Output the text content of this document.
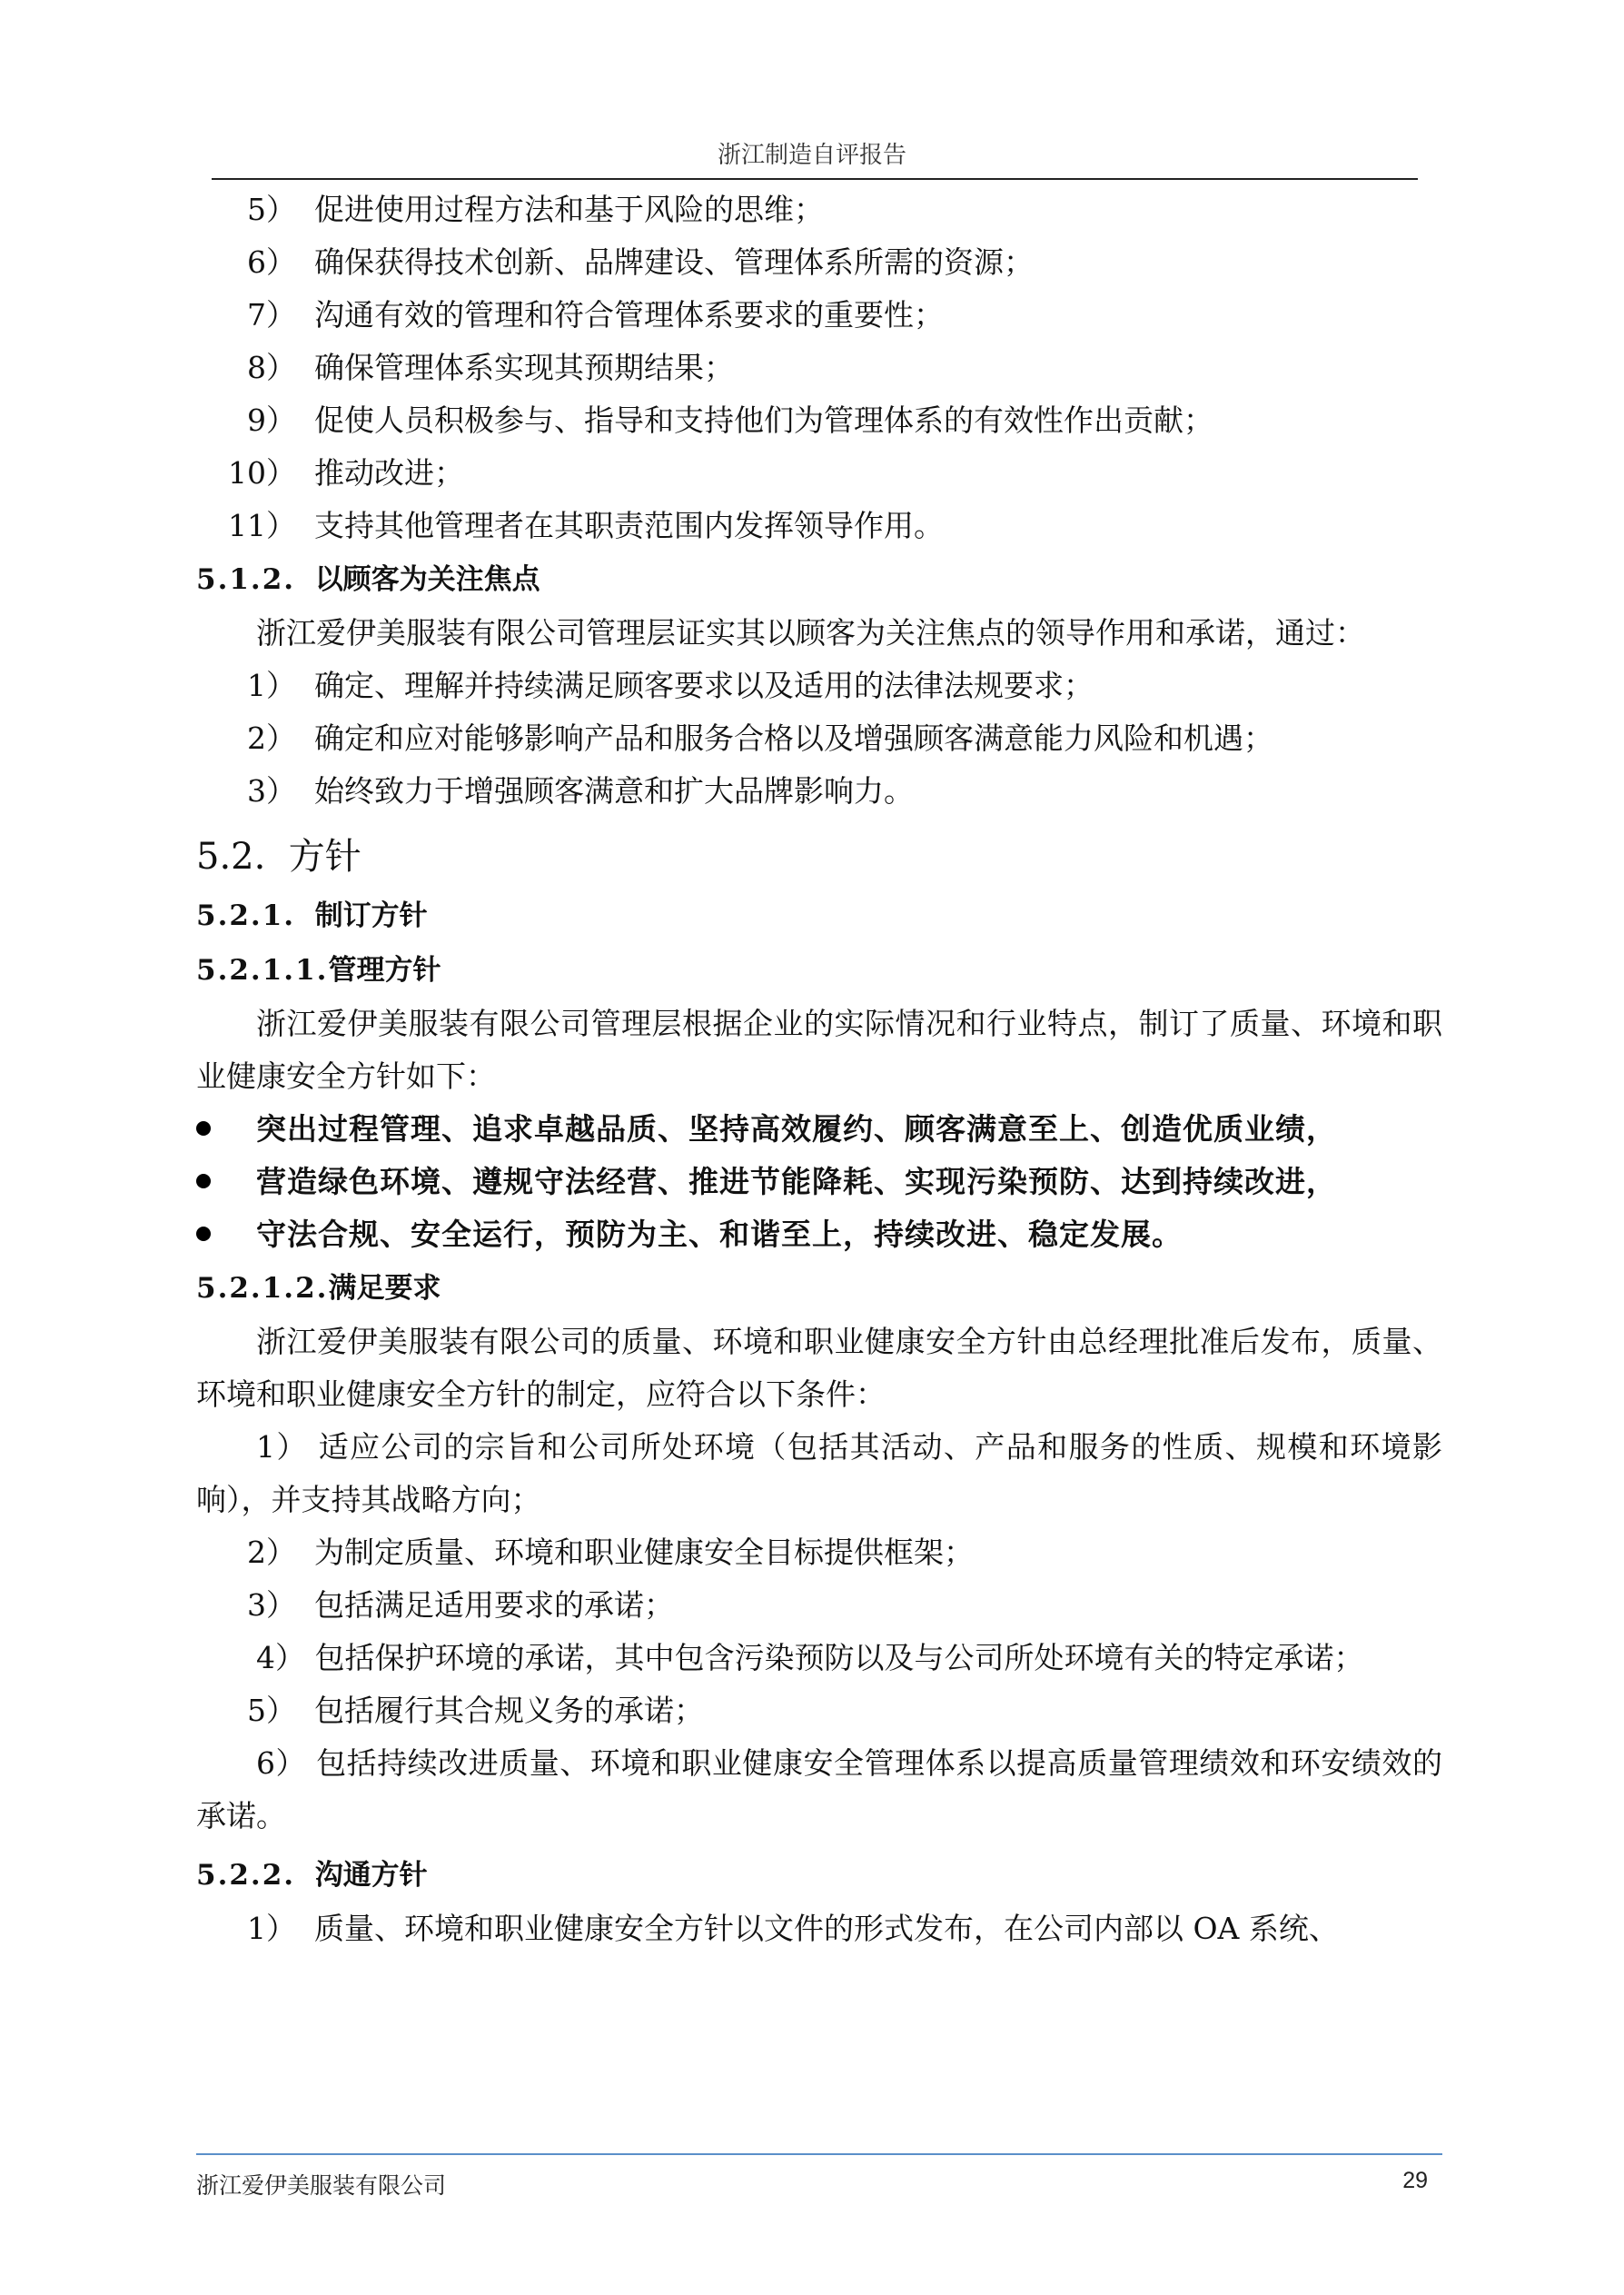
浙江制造自评报告
5） 促进使用过程方法和基于风险的思维；
6） 确保获得技术创新、品牌建设、管理体系所需的资源；
7） 沟通有效的管理和符合管理体系要求的重要性；
8） 确保管理体系实现其预期结果；
9） 促使人员积极参与、指导和支持他们为管理体系的有效性作出贡献；
10） 推动改进；
11） 支持其他管理者在其职责范围内发挥领导作用。
5.1.2. 以顾客为关注焦点
浙江爱伊美服装有限公司管理层证实其以顾客为关注焦点的领导作用和承诺，通过：
1） 确定、理解并持续满足顾客要求以及适用的法律法规要求；
2） 确定和应对能够影响产品和服务合格以及增强顾客满意能力风险和机遇；
3） 始终致力于增强顾客满意和扩大品牌影响力。
5.2. 方针
5.2.1. 制订方针
5.2.1.1.管理方针
浙江爱伊美服装有限公司管理层根据企业的实际情况和行业特点，制订了质量、环境和职业健康安全方针如下：
突出过程管理、追求卓越品质、坚持高效履约、顾客满意至上、创造优质业绩，
营造绿色环境、遵规守法经营、推进节能降耗、实现污染预防、达到持续改进，
守法合规、安全运行，预防为主、和谐至上，持续改进、稳定发展。
5.2.1.2.满足要求
浙江爱伊美服装有限公司的质量、环境和职业健康安全方针由总经理批准后发布，质量、环境和职业健康安全方针的制定，应符合以下条件：
1） 适应公司的宗旨和公司所处环境（包括其活动、产品和服务的性质、规模和环境影响），并支持其战略方向；
2） 为制定质量、环境和职业健康安全目标提供框架；
3） 包括满足适用要求的承诺；
4） 包括保护环境的承诺，其中包含污染预防以及与公司所处环境有关的特定承诺；
5） 包括履行其合规义务的承诺；
6） 包括持续改进质量、环境和职业健康安全管理体系以提高质量管理绩效和环安绩效的承诺。
5.2.2. 沟通方针
1） 质量、环境和职业健康安全方针以文件的形式发布，在公司内部以 OA 系统、
浙江爱伊美服装有限公司	29
